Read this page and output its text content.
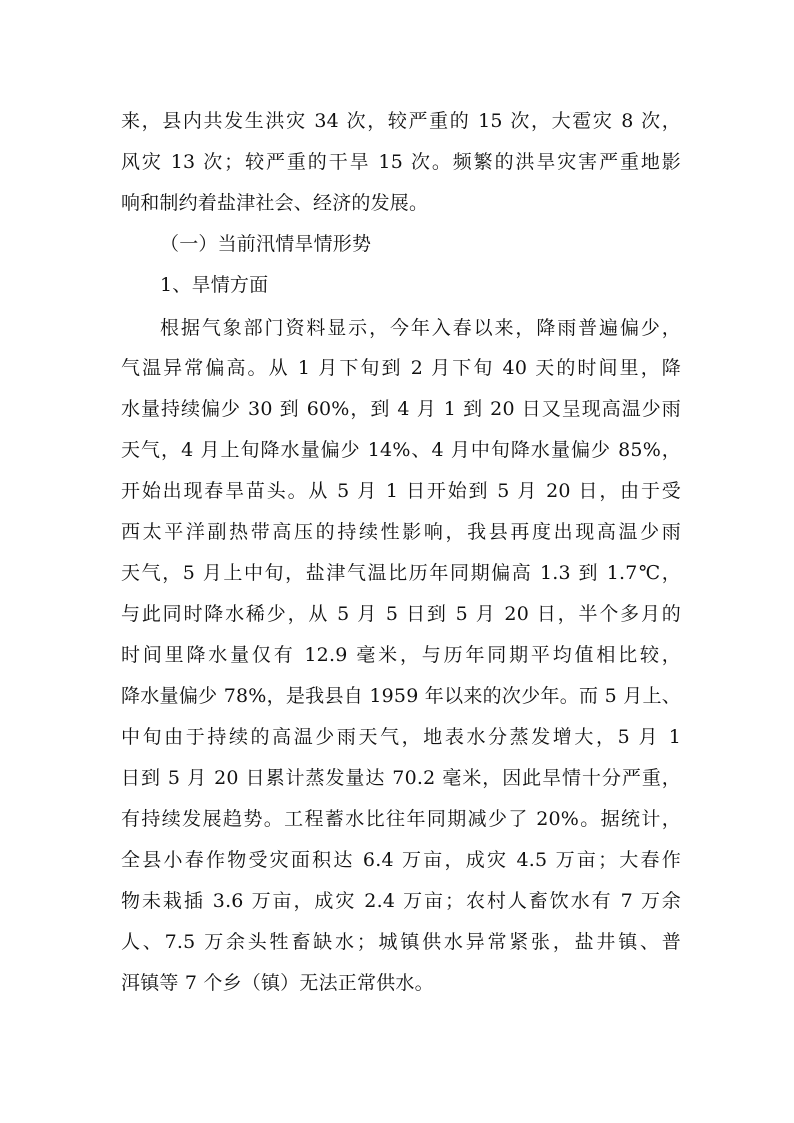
来，县内共发生洪灾 34 次，较严重的 15 次，大雹灾 8 次，
风灾 13 次；较严重的干旱 15 次。频繁的洪旱灾害严重地影
响和制约着盐津社会、经济的发展。
（一）当前汛情旱情形势
1、旱情方面
根据气象部门资料显示，今年入春以来，降雨普遍偏少，
气温异常偏高。从 1 月下旬到 2 月下旬 40 天的时间里，降
水量持续偏少 30 到 60%，到 4 月 1 到 20 日又呈现高温少雨
天气，4 月上旬降水量偏少 14%、4 月中旬降水量偏少 85%，
开始出现春旱苗头。从 5 月 1 日开始到 5 月 20 日，由于受
西太平洋副热带高压的持续性影响，我县再度出现高温少雨
天气，5 月上中旬，盐津气温比历年同期偏高 1.3 到 1.7℃，
与此同时降水稀少，从 5 月 5 日到 5 月 20 日，半个多月的
时间里降水量仅有 12.9 毫米，与历年同期平均值相比较，
降水量偏少 78%，是我县自 1959 年以来的次少年。而 5 月上、
中旬由于持续的高温少雨天气，地表水分蒸发增大，5 月 1
日到 5 月 20 日累计蒸发量达 70.2 毫米，因此旱情十分严重，
有持续发展趋势。工程蓄水比往年同期减少了 20%。据统计，
全县小春作物受灾面积达 6.4 万亩，成灾 4.5 万亩；大春作
物未栽插 3.6 万亩，成灾 2.4 万亩；农村人畜饮水有 7 万余
人、7.5 万余头牲畜缺水；城镇供水异常紧张，盐井镇、普
洱镇等 7 个乡（镇）无法正常供水。
